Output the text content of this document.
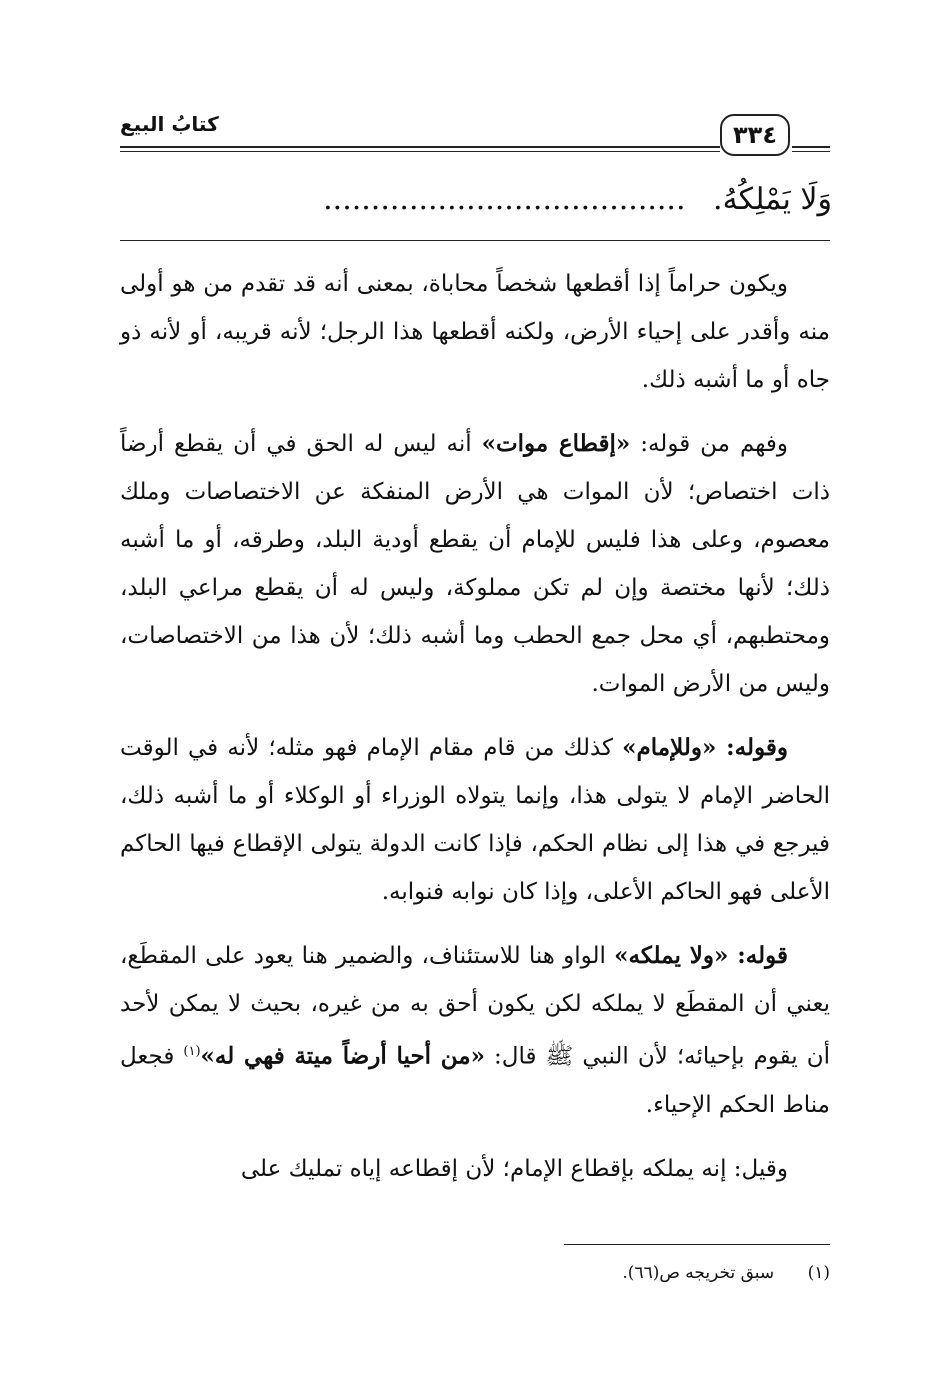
٣٣٤
كتابُ البيع
وَلَا يَمْلِكُهُ. ......................................

ويكون حراماً إذا أقطعها شخصاً محاباة، بمعنى أنه قد تقدم من هو أولى منه وأقدر على إحياء الأرض، ولكنه أقطعها هذا الرجل؛ لأنه قريبه، أو لأنه ذو جاه أو ما أشبه ذلك.

وفهم من قوله: «إقطاع موات» أنه ليس له الحق في أن يقطع أرضاً ذات اختصاص؛ لأن الموات هي الأرض المنفكة عن الاختصاصات وملك معصوم، وعلى هذا فليس للإمام أن يقطع أودية البلد، وطرقه، أو ما أشبه ذلك؛ لأنها مختصة وإن لم تكن مملوكة، وليس له أن يقطع مراعي البلد، ومحتطبهم، أي محل جمع الحطب وما أشبه ذلك؛ لأن هذا من الاختصاصات، وليس من الأرض الموات.

وقوله: «وللإمام» كذلك من قام مقام الإمام فهو مثله؛ لأنه في الوقت الحاضر الإمام لا يتولى هذا، وإنما يتولاه الوزراء أو الوكلاء أو ما أشبه ذلك، فيرجع في هذا إلى نظام الحكم، فإذا كانت الدولة يتولى الإقطاع فيها الحاكم الأعلى فهو الحاكم الأعلى، وإذا كان نوابه فنوابه.

قوله: «ولا يملكه» الواو هنا للاستئناف، والضمير هنا يعود على المقطَع، يعني أن المقطَع لا يملكه لكن يكون أحق به من غيره، بحيث لا يمكن لأحد أن يقوم بإحيائه؛ لأن النبي ﷺ قال: «من أحيا أرضاً ميتة فهي له»$^{(١)}$ فجعل مناط الحكم الإحياء.

وقيل: إنه يملكه بإقطاع الإمام؛ لأن إقطاعه إياه تمليك على

(١) سبق تخريجه ص(٦٦).
